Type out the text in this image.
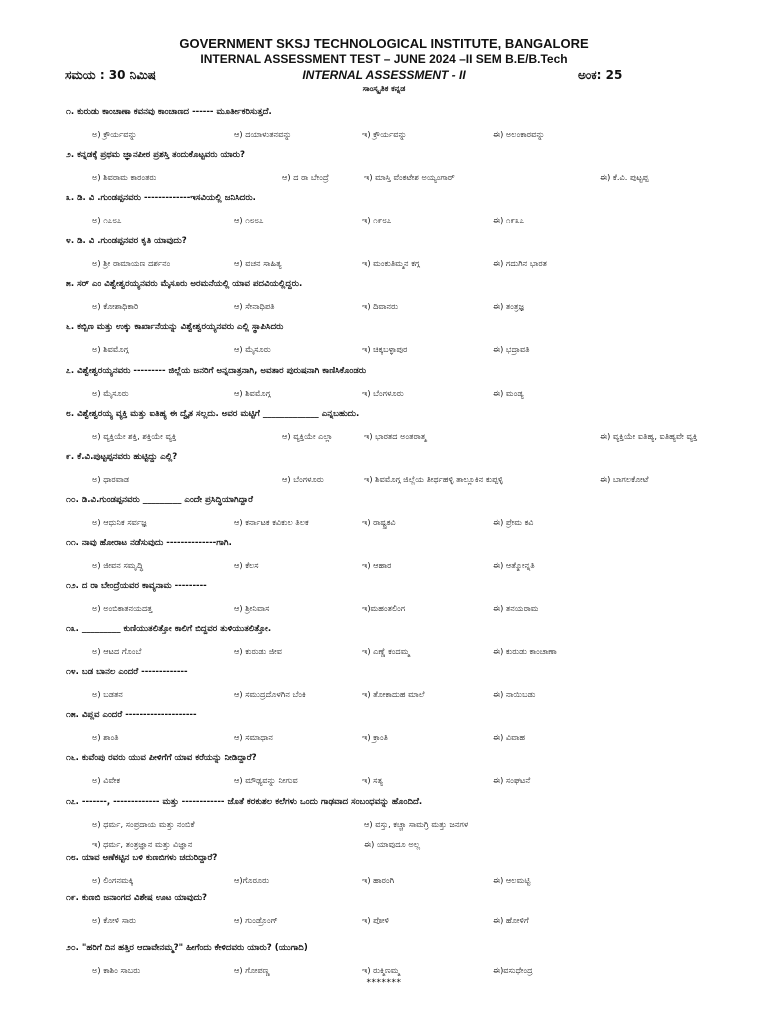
GOVERNMENT SKSJ TECHNOLOGICAL INSTITUTE, BANGALORE
INTERNAL ASSESSMENT TEST – JUNE 2024 –II SEM B.E/B.Tech
ಸಮಯ : 30 ನಿಮಿಷ	INTERNAL ASSESSMENT - II	ಅಂಕ: 25
ಸಾಂಸ್ಕೃತಿಕ ಕನ್ನಡ
೧. ಕುರುಡು ಕಾಂಚಾಣಾ ಕವನವು ಕಾಂಚಾಣದ ------ ಮೂರ್ತೀಕರಿಸುತ್ತದೆ.
ಅ) ಕ್ರೌರ್ಯವನ್ನು	ಆ) ದಯಾಳುತನವನ್ನು	ಇ) ಕ್ರೌರ್ಯವನ್ನು	ಈ) ಅಲಂಕಾರವನ್ನು
೨. ಕನ್ನಡಕ್ಕೆ ಪ್ರಥಮ ಜ್ಞಾನಪೀಠ ಪ್ರಶಸ್ತಿ ತಂದುಕೊಟ್ಟವರು ಯಾರು?
ಅ) ಶಿವರಾಮ ಕಾರಂತರು	ಆ) ದ ರಾ ಬೇಂದ್ರೆ	ಇ) ಮಾಸ್ತಿ ವೆಂಕಟೇಶ ಅಯ್ಯಂಗಾರ್	ಈ) ಕೆ.ವಿ. ಪುಟ್ಟಪ್ಪ
೩. ಡಿ. ವಿ .ಗುಂಡಪ್ಪನವರು -------------ಇಸವಿಯಲ್ಲಿ ಜನಿಸಿದರು.
ಅ) ೧೭೮೭	ಆ) ೧೮೮೭	ಇ) ೧೯೮೭	ಈ) ೧೯೩೭
೪. ಡಿ. ವಿ .ಗುಂಡಪ್ಪನವರ ಕೃತಿ ಯಾವುದು?
ಅ) ಶ್ರೀ ರಾಮಾಯಣ ದರ್ಶನಂ	ಆ) ವಚನ ಸಾಹಿತ್ಯ	ಇ) ಮಂಕುತಿಮ್ಮನ ಕಗ್ಗ	ಈ) ಗದುಗಿನ ಭಾರತ
೫. ಸರ್ ಎಂ ವಿಶ್ವೇಶ್ವರಯ್ಯನವರು ಮೈಸೂರು ಅರಮನೆಯಲ್ಲಿ ಯಾವ ಪದವಿಯಲ್ಲಿದ್ದರು.
ಅ) ಕೋಶಾಧಿಕಾರಿ	ಆ) ಸೇನಾಧಿಪತಿ	ಇ) ದಿವಾನರು	ಈ) ತಂತ್ರಜ್ಞ
೬. ಕಬ್ಬಿಣ ಮತ್ತು ಉಕ್ಕು ಕಾರ್ಖಾನೆಯನ್ನು ವಿಶ್ವೇಶ್ವರಯ್ಯನವರು ಎಲ್ಲಿ ಸ್ಥಾಪಿಸಿದರು
ಅ) ಶಿವಮೊಗ್ಗ	ಆ) ಮೈಸೂರು	ಇ) ಚಿಕ್ಕಬಳ್ಳಾಪುರ	ಈ) ಭದ್ರಾವತಿ
೭. ವಿಶ್ವೇಶ್ವರಯ್ಯನವರು --------- ಜಿಲ್ಲೆಯ ಜನರಿಗೆ ಅನ್ನದಾತ್ರನಾಗಿ, ಅವತಾರ ಪುರುಷನಾಗಿ ಕಾಣಿಸಿಕೊಂಡರು
ಅ) ಮೈಸೂರು	ಆ) ಶಿವಮೊಗ್ಗ	ಇ) ಬೆಂಗಳೂರು	ಈ) ಮಂಡ್ಯ
೮. ವಿಶ್ವೇಶ್ವರಯ್ಯ ವ್ಯಕ್ತಿ ಮತ್ತು ಐತಿಹ್ಯ ಈ ದ್ವೈತ ಸಲ್ಲದು. ಅವರ ಮಟ್ಟಿಗೆ _____________ ಎನ್ನಬಹುದು.
ಅ) ವ್ಯಕ್ತಿಯೇ ಶಕ್ತಿ, ಶಕ್ತಿಯೇ ವ್ಯಕ್ತಿ	ಆ) ವ್ಯಕ್ತಿಯೇ ಎಲ್ಲಾ	ಇ) ಭಾರತದ ಅಂತರಾತ್ಮ	ಈ) ವ್ಯಕ್ತಿಯೇ ಐತಿಹ್ಯ, ಐತಿಹ್ಯವೇ ವ್ಯಕ್ತಿ
೯. ಕೆ.ವಿ.ಪುಟ್ಟಪ್ಪನವರು ಹುಟ್ಟಿದ್ದು ಎಲ್ಲಿ?
ಅ) ಧಾರವಾಡ	ಆ) ಬೆಂಗಳೂರು	ಇ) ಶಿವಮೊಗ್ಗ ಜಿಲ್ಲೆಯ ತೀರ್ಥಹಳ್ಳಿ ತಾಲ್ಲೂಕಿನ ಕುಪ್ಪಳ್ಳಿ	ಈ) ಬಾಗಲಕೋಟೆ
೧೦. ಡಿ.ವಿ.ಗುಂಡಪ್ಪನವರು _________ ಎಂದೇ ಪ್ರಸಿದ್ಧಿಯಾಗಿದ್ದಾರೆ
ಅ) ಆಧುನಿಕ ಸರ್ವಜ್ಞ	ಆ) ಕರ್ನಾಟಕ ಕವಿಕುಲ ತಿಲಕ	ಇ) ರಾಷ್ಟ್ರಕವಿ	ಈ) ಪ್ರೇಮ ಕವಿ
೧೧. ನಾವು ಹೋರಾಟ ನಡೆಸುವುದು --------------ಗಾಗಿ.
ಅ) ಜೀವನ ಸಮೃದ್ಧಿ	ಆ) ಕೆಲಸ	ಇ) ಆಹಾರ	ಈ) ಆತ್ಮೋನ್ನತಿ
೧೨. ದ ರಾ ಬೇಂದ್ರೆಯವರ ಕಾವ್ಯನಾಮ ---------
ಅ) ಅಂಬಿಕಾತನಯದತ್ತ	ಆ) ಶ್ರೀನಿವಾಸ	ಇ)ಮಹಂತಲಿಂಗ	ಈ) ತನಯರಾಮ
೧೩. _________ ಕುಣಿಯುತಲಿತ್ತೋ ಕಾಲಿಗೆ ಬಿದ್ದವರ ತುಳಿಯುತಲಿತ್ತೋ.
ಅ) ಆಟದ ಗೊಂಬೆ	ಆ) ಕುರುಡು ಜೀವ	ಇ) ಎಣ್ಣೆ ಕಂದಮ್ಮ	ಈ) ಕುರುಡು ಕಾಂಚಾಣಾ
೧೪. ಬಡ ಬಾನಲ ಎಂದರೆ -------------
ಅ) ಬಡತನ	ಆ) ಸಮುದ್ರದೊಳಗಿನ ಬೆಂಕಿ	ಇ) ತೋಕಾದುಹ ಮಾಲೆ	ಈ) ನಾಯಿಬಡು
೧೫. ವಿಪ್ಲವ ಎಂದರೆ --------------------
ಅ) ಶಾಂತಿ	ಆ) ಸಮಾಧಾನ	ಇ) ಕ್ರಾಂತಿ	ಈ) ವಿವಾಹ
೧೬. ಕುವೆಂಪು ರವರು ಯುವ ಪೀಳಿಗೆಗೆ ಯಾವ ಕರೆಯನ್ನು ನೀಡಿದ್ದಾರೆ?
ಅ) ವಿವೇಕ	ಆ) ಮೌಢ್ಯವನ್ನು ನೀಗುವ	ಇ) ಸತ್ಯ	ಈ) ಸಂಘಟನೆ
೧೭. -------, ------------- ಮತ್ತು ------------ ಜೊತೆ ಕರಕುಶಲ ಕಲೆಗಳು ಒಂದು ಗಾಢವಾದ ಸಂಬಂಧವನ್ನು ಹೊಂದಿದೆ.
ಅ) ಧರ್ಮ, ಸಂಪ್ರದಾಯ ಮತ್ತು ನಂಬಿಕೆ	ಆ) ವಸ್ತು, ಕಚ್ಚಾ ಸಾಮಗ್ರಿ ಮತ್ತು ಜನಗಳ
ಇ) ಧರ್ಮ, ತಂತ್ರಜ್ಞಾನ ಮತ್ತು ವಿಜ್ಞಾನ	ಈ) ಯಾವುದೂ ಅಲ್ಲ
೧೮. ಯಾವ ಅಣೆಕಟ್ಟಿನ ಬಳಿ ಕುಣಬಿಗಳು ಚದುರಿದ್ದಾರೆ?
ಅ) ಲಿಂಗನಮಕ್ಕಿ	ಆ)ಗೊರೂರು	ಇ) ಹಾರಂಗಿ	ಈ) ಆಲಮಟ್ಟಿ
೧೯. ಕುಣಬಿ ಜನಾಂಗದ ವಿಶೇಷ ಊಟ ಯಾವುದು?
ಅ) ಕೋಳಿ ಸಾರು	ಆ) ಗುಂಡ್ರೊಂಗ್	ಇ) ಪೋಳಿ	ಈ) ಹೋಳಿಗೆ
೨೦. "ಹರಿಗೆ ದಿನ ಹತ್ತಿರ ಆದಾವೇನಮ್ಮ?" ಹೀಗೆಂದು ಕೇಳಿದವರು ಯಾರು? (ಯುಗಾದಿ)
ಅ) ಕಾಶಿಂ ಸಾಬರು	ಆ) ಗೋಪಣ್ಣ	ಇ) ರುಕ್ಮಿಣಮ್ಮ	ಈ)ವಸುಧೇಂದ್ರ
*******
